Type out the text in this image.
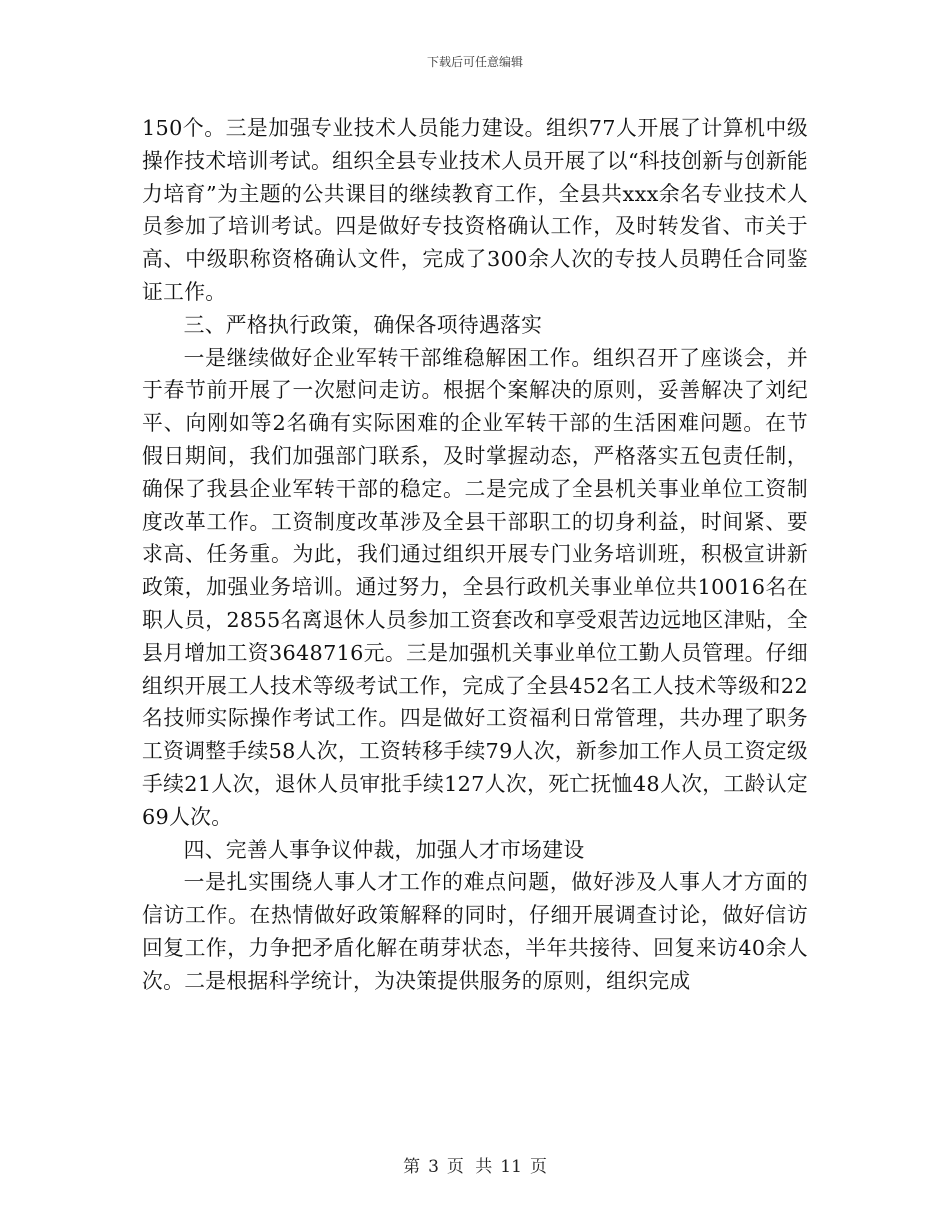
下载后可任意编辑

150个。三是加强专业技术人员能力建设。组织77人开展了计算机中级操作技术培训考试。组织全县专业技术人员开展了以“科技创新与创新能力培育”为主题的公共课目的继续教育工作，全县共xxx余名专业技术人员参加了培训考试。四是做好专技资格确认工作，及时转发省、市关于高、中级职称资格确认文件，完成了300余人次的专技人员聘任合同鉴证工作。

三、严格执行政策，确保各项待遇落实

一是继续做好企业军转干部维稳解困工作。组织召开了座谈会，并于春节前开展了一次慰问走访。根据个案解决的原则，妥善解决了刘纪平、向刚如等2名确有实际困难的企业军转干部的生活困难问题。在节假日期间，我们加强部门联系，及时掌握动态，严格落实五包责任制，确保了我县企业军转干部的稳定。二是完成了全县机关事业单位工资制度改革工作。工资制度改革涉及全县干部职工的切身利益，时间紧、要求高、任务重。为此，我们通过组织开展专门业务培训班，积极宣讲新政策，加强业务培训。通过努力，全县行政机关事业单位共10016名在职人员，2855名离退休人员参加工资套改和享受艰苦边远地区津贴，全县月增加工资3648716元。三是加强机关事业单位工勤人员管理。仔细组织开展工人技术等级考试工作，完成了全县452名工人技术等级和22名技师实际操作考试工作。四是做好工资福利日常管理，共办理了职务工资调整手续58人次，工资转移手续79人次，新参加工作人员工资定级手续21人次，退休人员审批手续127人次，死亡抚恤48人次，工龄认定69人次。

四、完善人事争议仲裁，加强人才市场建设

一是扎实围绕人事人才工作的难点问题，做好涉及人事人才方面的信访工作。在热情做好政策解释的同时，仔细开展调查讨论，做好信访回复工作，力争把矛盾化解在萌芽状态，半年共接待、回复来访40余人次。二是根据科学统计，为决策提供服务的原则，组织完成

第 3 页 共 11 页
